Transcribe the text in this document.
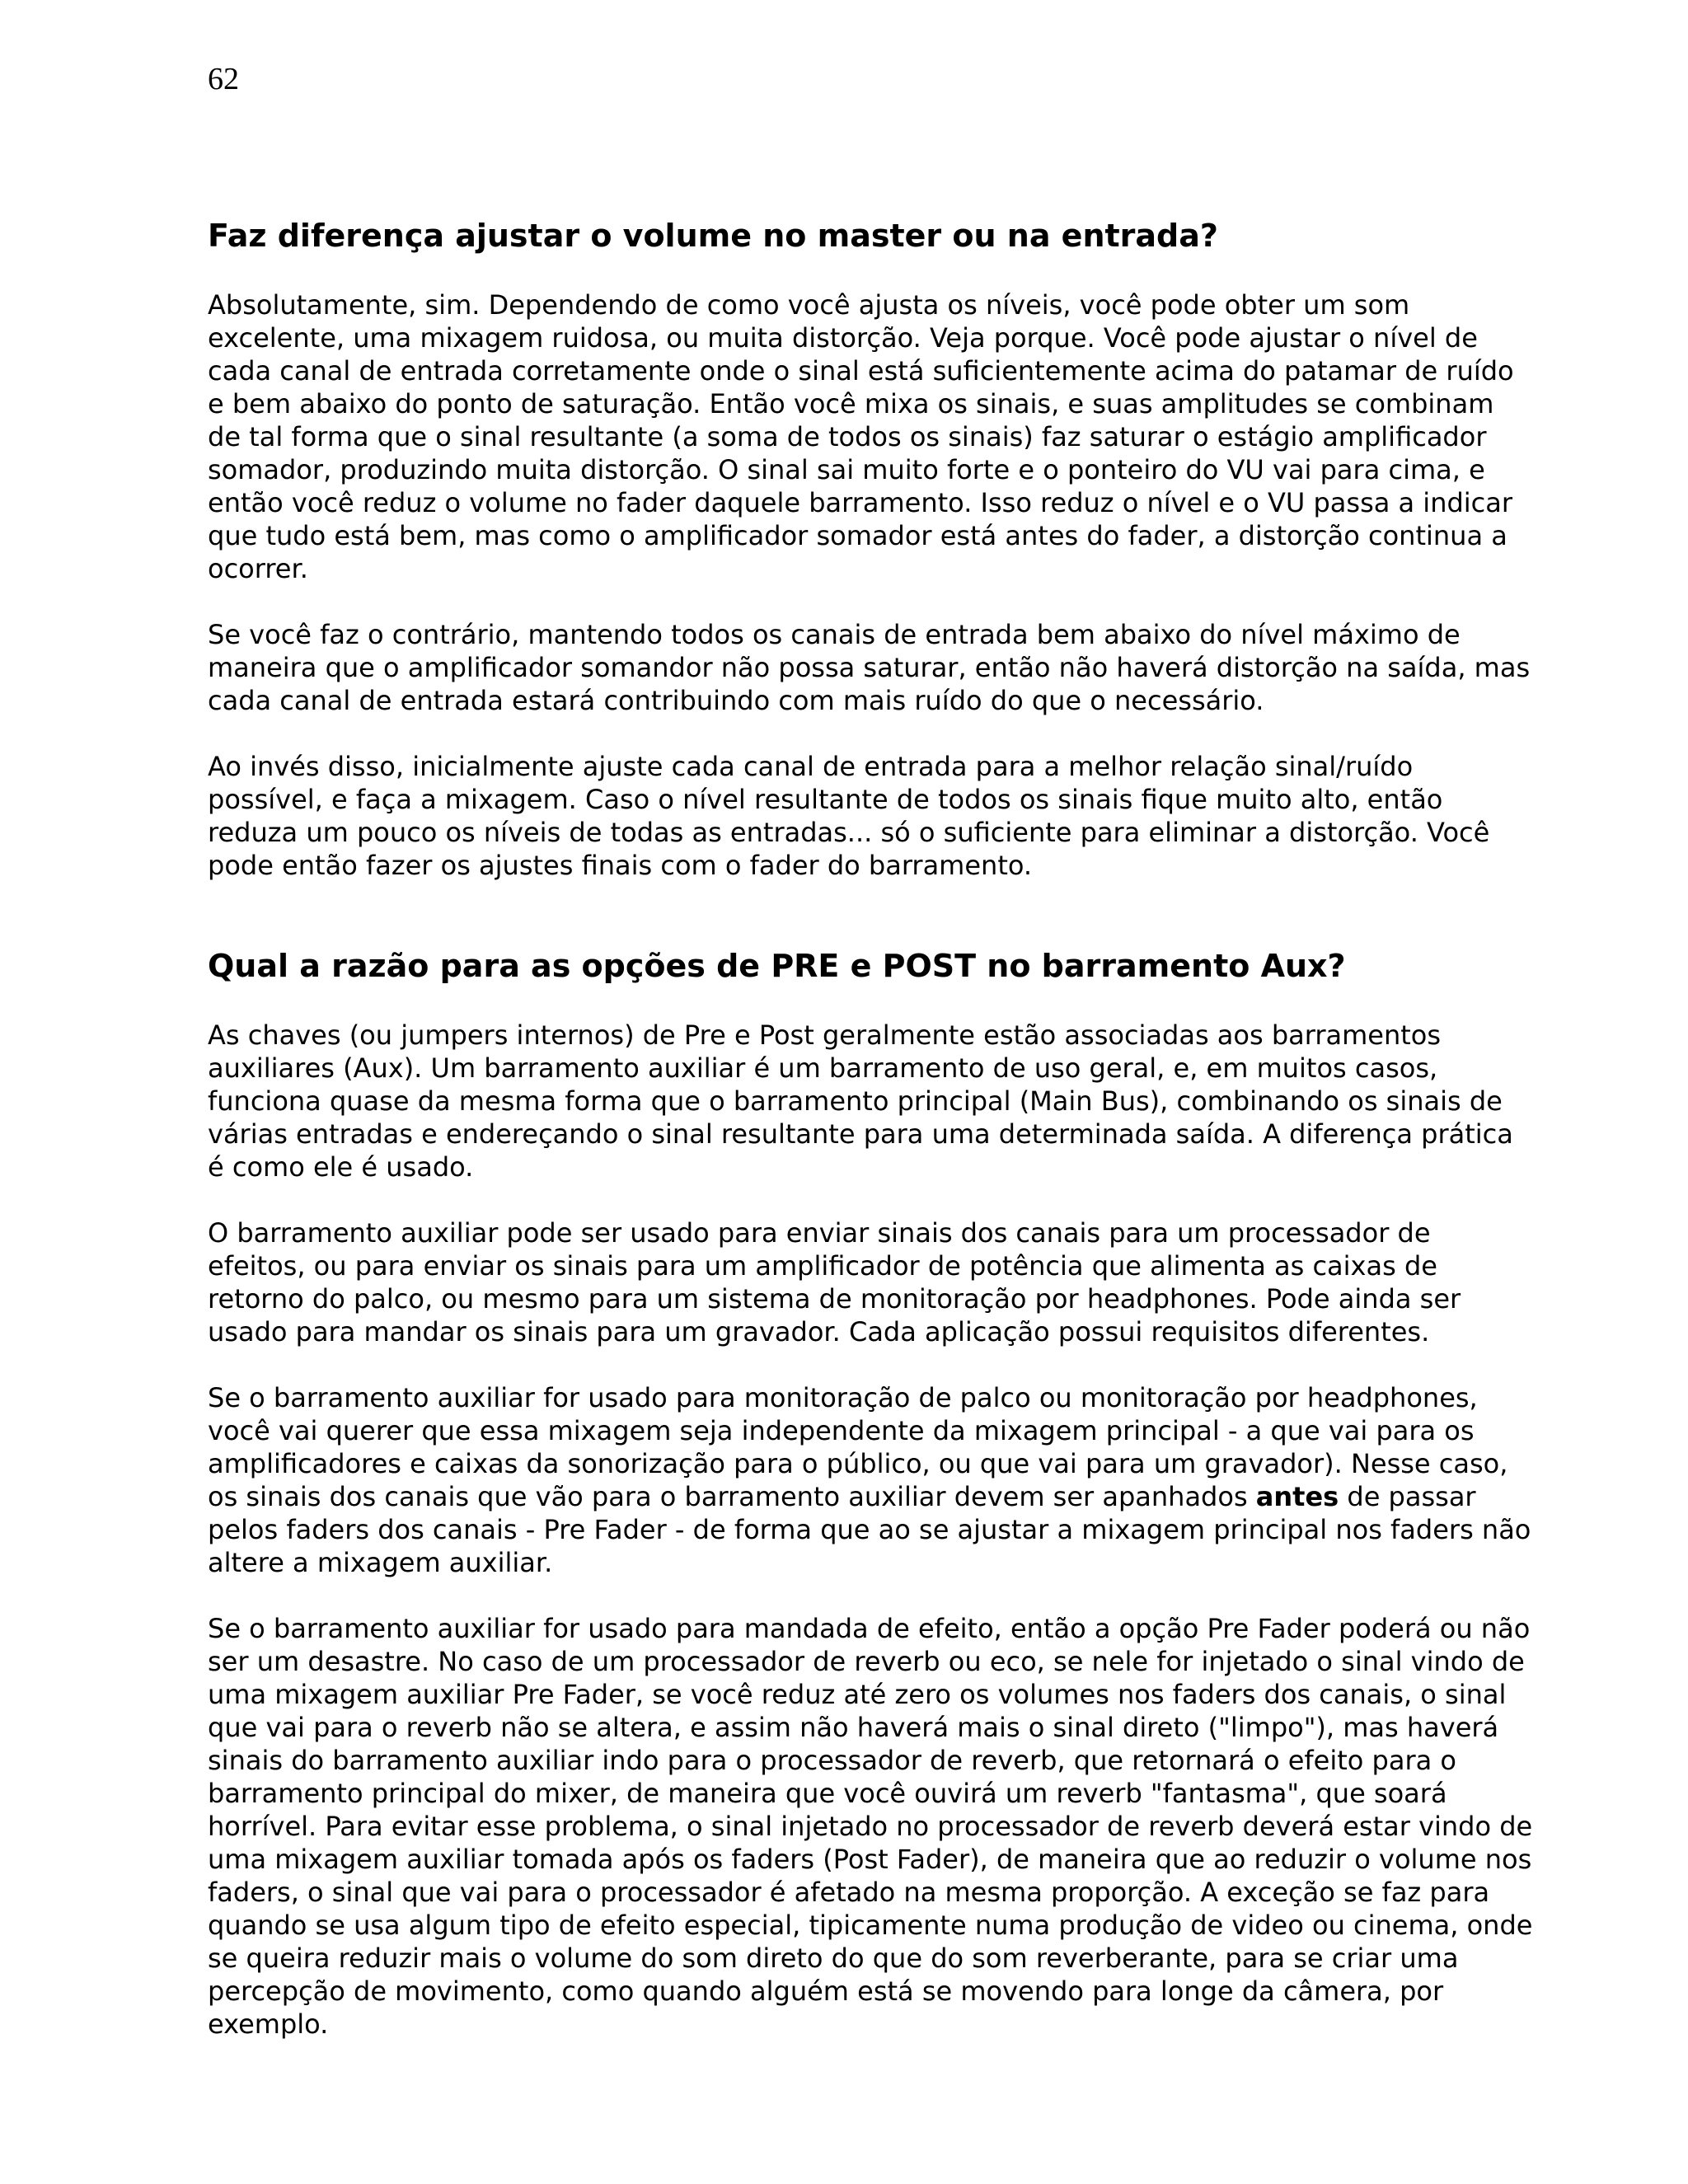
62
Faz diferença ajustar o volume no master ou na entrada?

Absolutamente, sim. Dependendo de como você ajusta os níveis, você pode obter um som excelente, uma mixagem ruidosa, ou muita distorção. Veja porque. Você pode ajustar o nível de cada canal de entrada corretamente onde o sinal está suficientemente acima do patamar de ruído e bem abaixo do ponto de saturação. Então você mixa os sinais, e suas amplitudes se combinam de tal forma que o sinal resultante (a soma de todos os sinais) faz saturar o estágio amplificador somador, produzindo muita distorção. O sinal sai muito forte e o ponteiro do VU vai para cima, e então você reduz o volume no fader daquele barramento. Isso reduz o nível e o VU passa a indicar que tudo está bem, mas como o amplificador somador está antes do fader, a distorção continua a ocorrer.

Se você faz o contrário, mantendo todos os canais de entrada bem abaixo do nível máximo de maneira que o amplificador somandor não possa saturar, então não haverá distorção na saída, mas cada canal de entrada estará contribuindo com mais ruído do que o necessário.

Ao invés disso, inicialmente ajuste cada canal de entrada para a melhor relação sinal/ruído possível, e faça a mixagem. Caso o nível resultante de todos os sinais fique muito alto, então reduza um pouco os níveis de todas as entradas... só o suficiente para eliminar a distorção. Você pode então fazer os ajustes finais com o fader do barramento.

Qual a razão para as opções de PRE e POST no barramento Aux?

As chaves (ou jumpers internos) de Pre e Post geralmente estão associadas aos barramentos auxiliares (Aux). Um barramento auxiliar é um barramento de uso geral, e, em muitos casos, funciona quase da mesma forma que o barramento principal (Main Bus), combinando os sinais de várias entradas e endereçando o sinal resultante para uma determinada saída. A diferença prática é como ele é usado.

O barramento auxiliar pode ser usado para enviar sinais dos canais para um processador de efeitos, ou para enviar os sinais para um amplificador de potência que alimenta as caixas de retorno do palco, ou mesmo para um sistema de monitoração por headphones. Pode ainda ser usado para mandar os sinais para um gravador. Cada aplicação possui requisitos diferentes.

Se o barramento auxiliar for usado para monitoração de palco ou monitoração por headphones, você vai querer que essa mixagem seja independente da mixagem principal - a que vai para os amplificadores e caixas da sonorização para o público, ou que vai para um gravador). Nesse caso, os sinais dos canais que vão para o barramento auxiliar devem ser apanhados antes de passar pelos faders dos canais - Pre Fader - de forma que ao se ajustar a mixagem principal nos faders não altere a mixagem auxiliar.

Se o barramento auxiliar for usado para mandada de efeito, então a opção Pre Fader poderá ou não ser um desastre. No caso de um processador de reverb ou eco, se nele for injetado o sinal vindo de uma mixagem auxiliar Pre Fader, se você reduz até zero os volumes nos faders dos canais, o sinal que vai para o reverb não se altera, e assim não haverá mais o sinal direto ("limpo"), mas haverá sinais do barramento auxiliar indo para o processador de reverb, que retornará o efeito para o barramento principal do mixer, de maneira que você ouvirá um reverb "fantasma", que soará horrível. Para evitar esse problema, o sinal injetado no processador de reverb deverá estar vindo de uma mixagem auxiliar tomada após os faders (Post Fader), de maneira que ao reduzir o volume nos faders, o sinal que vai para o processador é afetado na mesma proporção. A exceção se faz para quando se usa algum tipo de efeito especial, tipicamente numa produção de video ou cinema, onde se queira reduzir mais o volume do som direto do que do som reverberante, para se criar uma percepção de movimento, como quando alguém está se movendo para longe da câmera, por exemplo.
